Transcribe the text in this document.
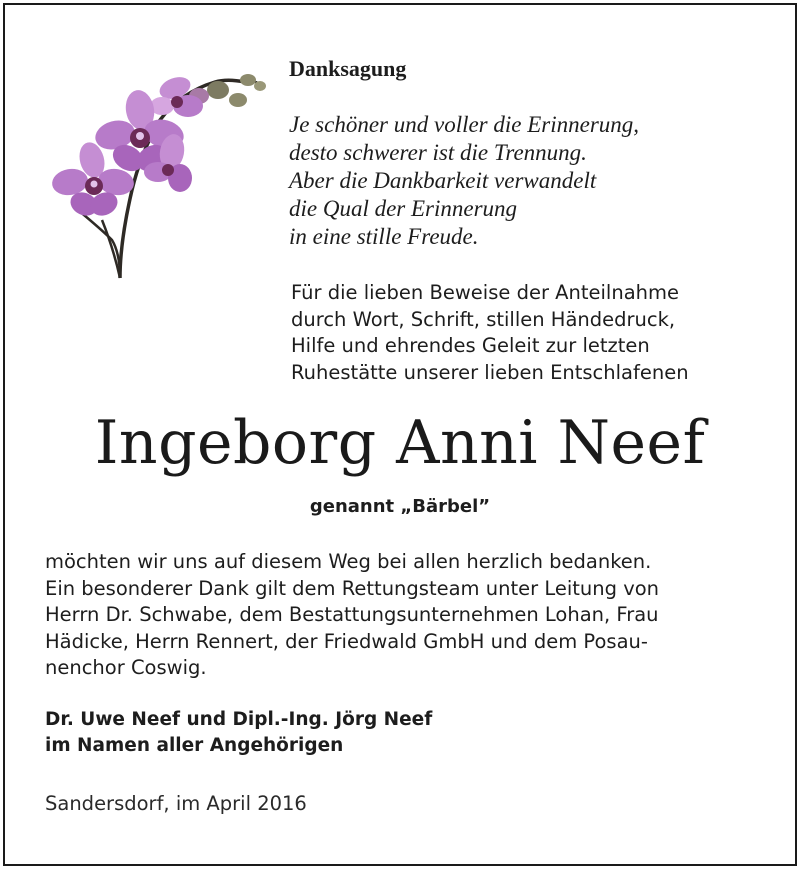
Danksagung
Je schöner und voller die Erinnerung,
desto schwerer ist die Trennung.
Aber die Dankbarkeit verwandelt
die Qual der Erinnerung
in eine stille Freude.
Für die lieben Beweise der Anteilnahme
durch Wort, Schrift, stillen Händedruck,
Hilfe und ehrendes Geleit zur letzten
Ruhestätte unserer lieben Entschlafenen
Ingeborg Anni Neef
genannt „Bärbel”
möchten wir uns auf diesem Weg bei allen herzlich bedanken.
Ein besonderer Dank gilt dem Rettungsteam unter Leitung von
Herrn Dr. Schwabe, dem Bestattungsunternehmen Lohan, Frau
Hädicke, Herrn Rennert, der Friedwald GmbH und dem Posau-
nenchor Coswig.
Dr. Uwe Neef und Dipl.-Ing. Jörg Neef
im Namen aller Angehörigen
Sandersdorf, im April 2016
